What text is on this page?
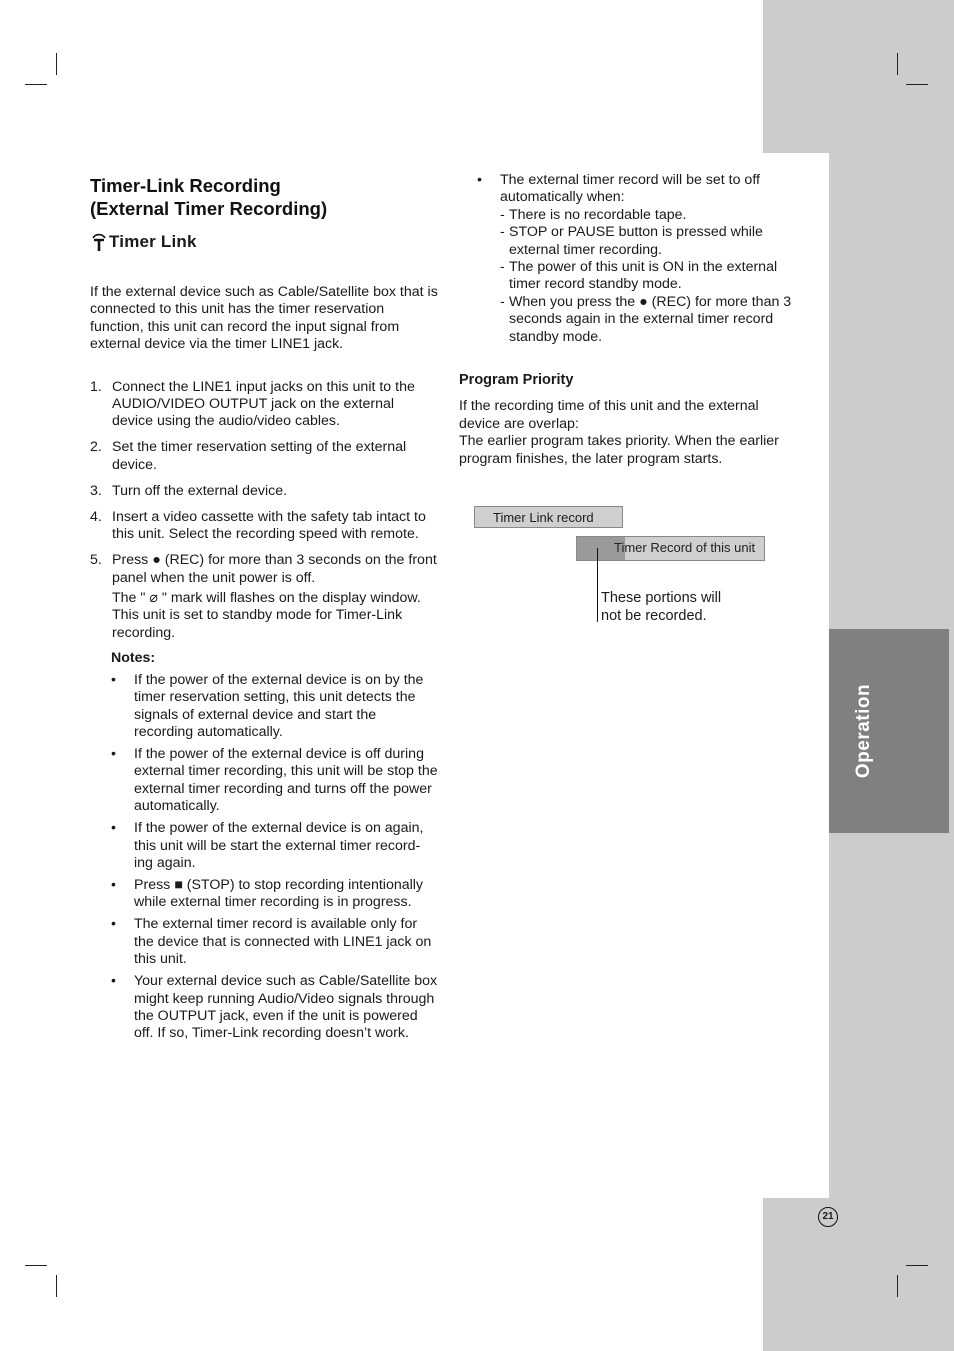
Operation
Timer-Link Recording
(External Timer Recording)
Timer Link

If the external device such as Cable/Satellite box that is connected to this unit has the timer reservation function, this unit can record the input signal from external device via the timer LINE1 jack.

1. Connect the LINE1 input jacks on this unit to the AUDIO/VIDEO OUTPUT jack on the external device using the audio/video cables.
2. Set the timer reservation setting of the external device.
3. Turn off the external device.
4. Insert a video cassette with the safety tab intact to this unit. Select the recording speed with remote.
5. Press ● (REC) for more than 3 seconds on the front panel when the unit power is off.
The " ⌀ " mark will flashes on the display window. This unit is set to standby mode for Timer-Link recording.
Notes:
•	If the power of the external device is on by the timer reservation setting, this unit detects the signals of external device and start the recording automatically.
•	If the power of the external device is off during external timer recording, this unit will be stop the external timer recording and turns off the power automatically.
•	If the power of the external device is on again, this unit will be start the external timer record-ing again.
•	Press ■ (STOP) to stop recording intentionally while external timer recording is in progress.
•	The external timer record is available only for the device that is connected with LINE1 jack on this unit.
•	Your external device such as Cable/Satellite box might keep running Audio/Video signals through the OUTPUT jack, even if the unit is powered off. If so, Timer-Link recording doesn’t work.
•	The external timer record will be set to off automatically when:
- There is no recordable tape.
- STOP or PAUSE button is pressed while external timer recording.
- The power of this unit is ON in the external timer record standby mode.
- When you press the ● (REC) for more than 3 seconds again in the external timer record standby mode.
Program Priority

If the recording time of this unit and the external device are overlap:

The earlier program takes priority. When the earlier program finishes, the later program starts.

Timer Link record
Timer Record of this unit
These portions will
not be recorded.
21
